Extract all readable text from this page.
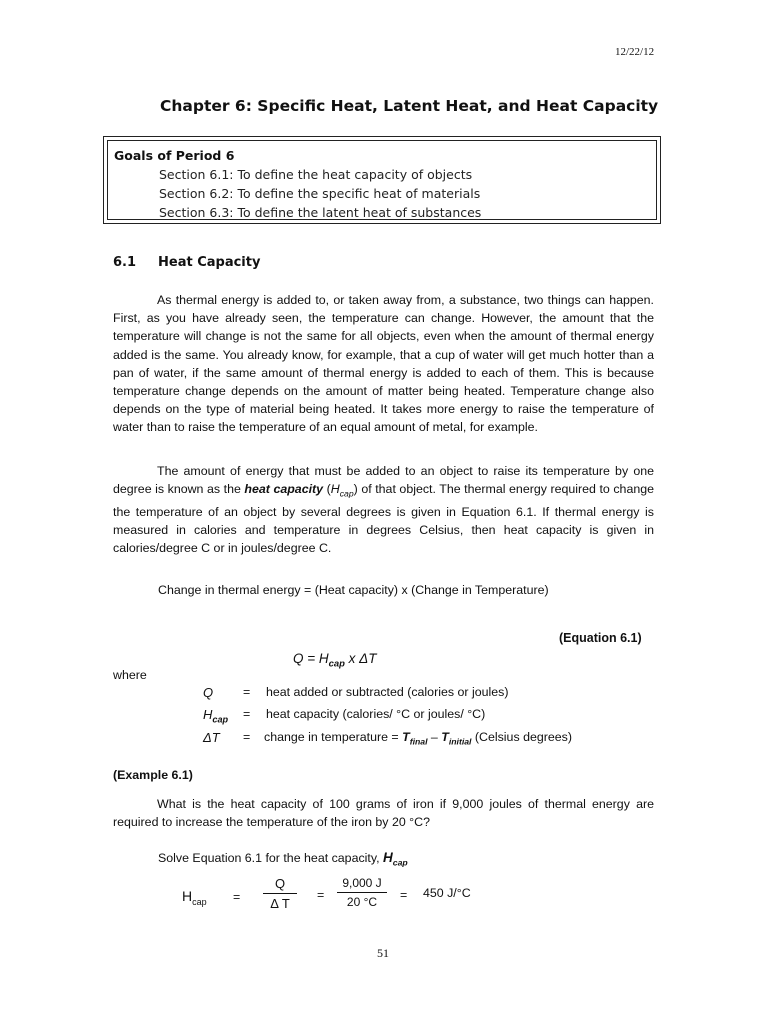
12/22/12
Chapter 6: Specific Heat, Latent Heat, and Heat Capacity
Goals of Period 6
Section 6.1: To define the heat capacity of objects
Section 6.2: To define the specific heat of materials
Section 6.3: To define the latent heat of substances
6.1 Heat Capacity
As thermal energy is added to, or taken away from, a substance, two things can happen. First, as you have already seen, the temperature can change. However, the amount that the temperature will change is not the same for all objects, even when the amount of thermal energy added is the same. You already know, for example, that a cup of water will get much hotter than a pan of water, if the same amount of thermal energy is added to each of them. This is because temperature change depends on the amount of matter being heated. Temperature change also depends on the type of material being heated. It takes more energy to raise the temperature of water than to raise the temperature of an equal amount of metal, for example.
The amount of energy that must be added to an object to raise its temperature by one degree is known as the heat capacity $(H_{cap})$ of that object. The thermal energy required to change the temperature of an object by several degrees is given in Equation 6.1. If thermal energy is measured in calories and temperature in degrees Celsius, then heat capacity is given in calories/degree C or in joules/degree C.
Change in thermal energy = (Heat capacity) x (Change in Temperature)
(Equation 6.1)
$Q = H_{cap}$ x ΔT
where
Q = heat added or subtracted (calories or joules)
$H_{cap}$ = heat capacity (calories/ °C or joules/ °C)
ΔT = change in temperature = $T_{final} - T_{initial}$ (Celsius degrees)
(Example 6.1)
What is the heat capacity of 100 grams of iron if 9,000 joules of thermal energy are required to increase the temperature of the iron by 20 °C?
Solve Equation 6.1 for the heat capacity, $H_{cap}$
$H_{cap}$ =
Q
Δ T
=
9,000 J
20 °C	= 450 J/°C
51
